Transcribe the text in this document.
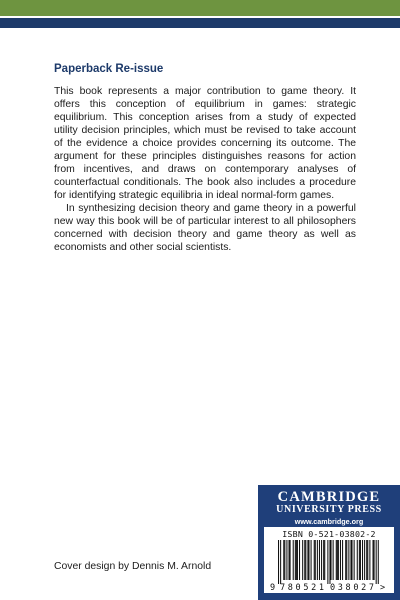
Paperback Re-issue

This book represents a major contribution to game theory. It offers this conception of equilibrium in games: strategic equilibrium. This conception arises from a study of expected utility decision principles, which must be revised to take account of the evidence a choice provides concerning its outcome. The argument for these principles distinguishes reasons for action from incentives, and draws on contemporary analyses of counterfactual conditionals. The book also includes a procedure for identifying strategic equilibria in ideal normal-form games.

In synthesizing decision theory and game theory in a powerful new way this book will be of particular interest to all philosophers concerned with decision theory and game theory as well as economists and other social scientists.

Cover design by Dennis M. Arnold
CAMBRIDGE
UNIVERSITY PRESS
www.cambridge.org
ISBN 0-521-03802-2
9 780521 038027 >
